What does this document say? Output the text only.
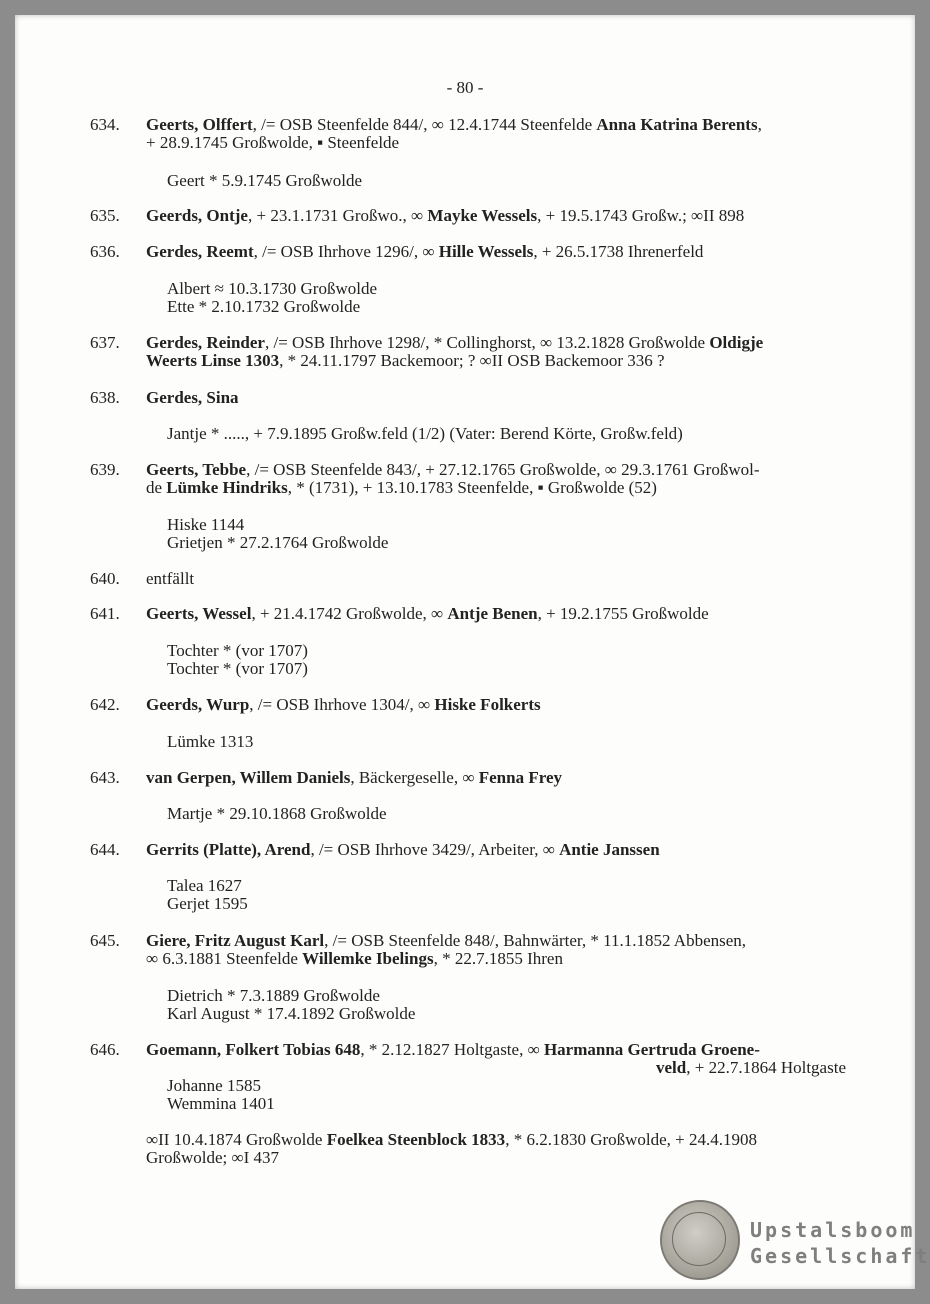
- 80 -
634.	Geerts, Olffert, /= OSB Steenfelde 844/, ∞ 12.4.1744 Steenfelde Anna Katrina Berents,
+ 28.9.1745 Großwolde, ▪ Steenfelde
Geert * 5.9.1745 Großwolde
635.	Geerds, Ontje, + 23.1.1731 Großwo., ∞ Mayke Wessels, + 19.5.1743 Großw.; ∞II 898
636.	Gerdes, Reemt, /= OSB Ihrhove 1296/, ∞ Hille Wessels, + 26.5.1738 Ihrenerfeld
Albert ≈ 10.3.1730 Großwolde
Ette * 2.10.1732 Großwolde
637.	Gerdes, Reinder, /= OSB Ihrhove 1298/, * Collinghorst, ∞ 13.2.1828 Großwolde Oldigje
Weerts Linse 1303, * 24.11.1797 Backemoor; ? ∞II OSB Backemoor 336 ?
638.	Gerdes, Sina
Jantje * ....., + 7.9.1895 Großw.feld (1/2) (Vater: Berend Körte, Großw.feld)
639.	Geerts, Tebbe, /= OSB Steenfelde 843/, + 27.12.1765 Großwolde, ∞ 29.3.1761 Großwol-
de Lümke Hindriks, * (1731), + 13.10.1783 Steenfelde, ▪ Großwolde (52)
Hiske 1144
Grietjen * 27.2.1764 Großwolde
640.	entfällt
641.	Geerts, Wessel, + 21.4.1742 Großwolde, ∞ Antje Benen, + 19.2.1755 Großwolde
Tochter * (vor 1707)
Tochter * (vor 1707)
642.	Geerds, Wurp, /= OSB Ihrhove 1304/, ∞ Hiske Folkerts
Lümke 1313
643.	van Gerpen, Willem Daniels, Bäckergeselle, ∞ Fenna Frey
Martje * 29.10.1868 Großwolde
644.	Gerrits (Platte), Arend, /= OSB Ihrhove 3429/, Arbeiter, ∞ Antie Janssen
Talea 1627
Gerjet 1595
645.	Giere, Fritz August Karl, /= OSB Steenfelde 848/, Bahnwärter, * 11.1.1852 Abbensen,
∞ 6.3.1881 Steenfelde Willemke Ibelings, * 22.7.1855 Ihren
Dietrich * 7.3.1889 Großwolde
Karl August * 17.4.1892 Großwolde
646.	Goemann, Folkert Tobias 648, * 2.12.1827 Holtgaste, ∞ Harmanna Gertruda Groene-
veld, + 22.7.1864 Holtgaste
Johanne 1585
Wemmina 1401
∞II 10.4.1874 Großwolde Foelkea Steenblock 1833, * 6.2.1830 Großwolde, + 24.4.1908
Großwolde; ∞I 437
Upstalsboom
Gesellschaft
